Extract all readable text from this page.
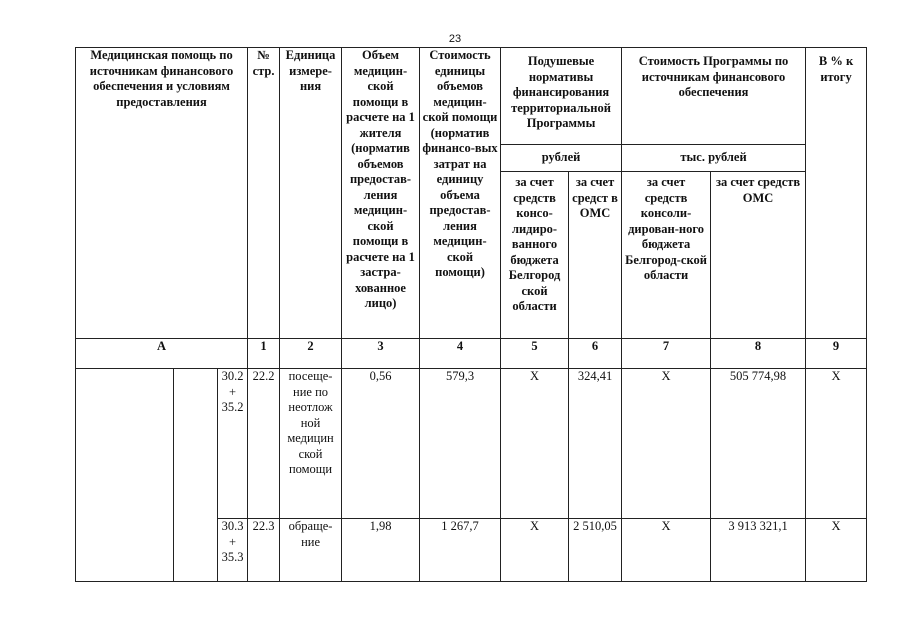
23
Медицинская помощь по источникам финансового обеспечения и условиям предоставления			№ стр.	Единица измере-ния	Объем медицин-ской помощи в расчете на 1 жителя (норматив объемов предостав-ления медицин-ской помощи в расчете на 1 застра-хованное лицо)	Стоимость единицы объемов медицин-ской помощи (норматив финансо-вых затрат на единицу объема предостав-ления медицин-ской помощи)	Подушевые нормативы финансирования территориальной Программы		Стоимость Программы по источникам финансового обеспечения		В % к итогу
							рублей		тыс. рублей		
							за счет средств консо-лидиро-ванного бюджета Белгород ской области	за счет средст в ОМС	за счет средств консоли-дирован-ного бюджета Белгород-ской области	за счет средств ОМС	
А			1	2	3	4	5	6	7	8	9
		30.2 + 35.2	22.2	посеще-ние по неотлож ной медицин ской помощи	0,56	579,3	Х	324,41	Х	505 774,98	Х
		30.3 + 35.3	22.3	обраще-ние	1,98	1 267,7	Х	2 510,05	Х	3 913 321,1	Х
